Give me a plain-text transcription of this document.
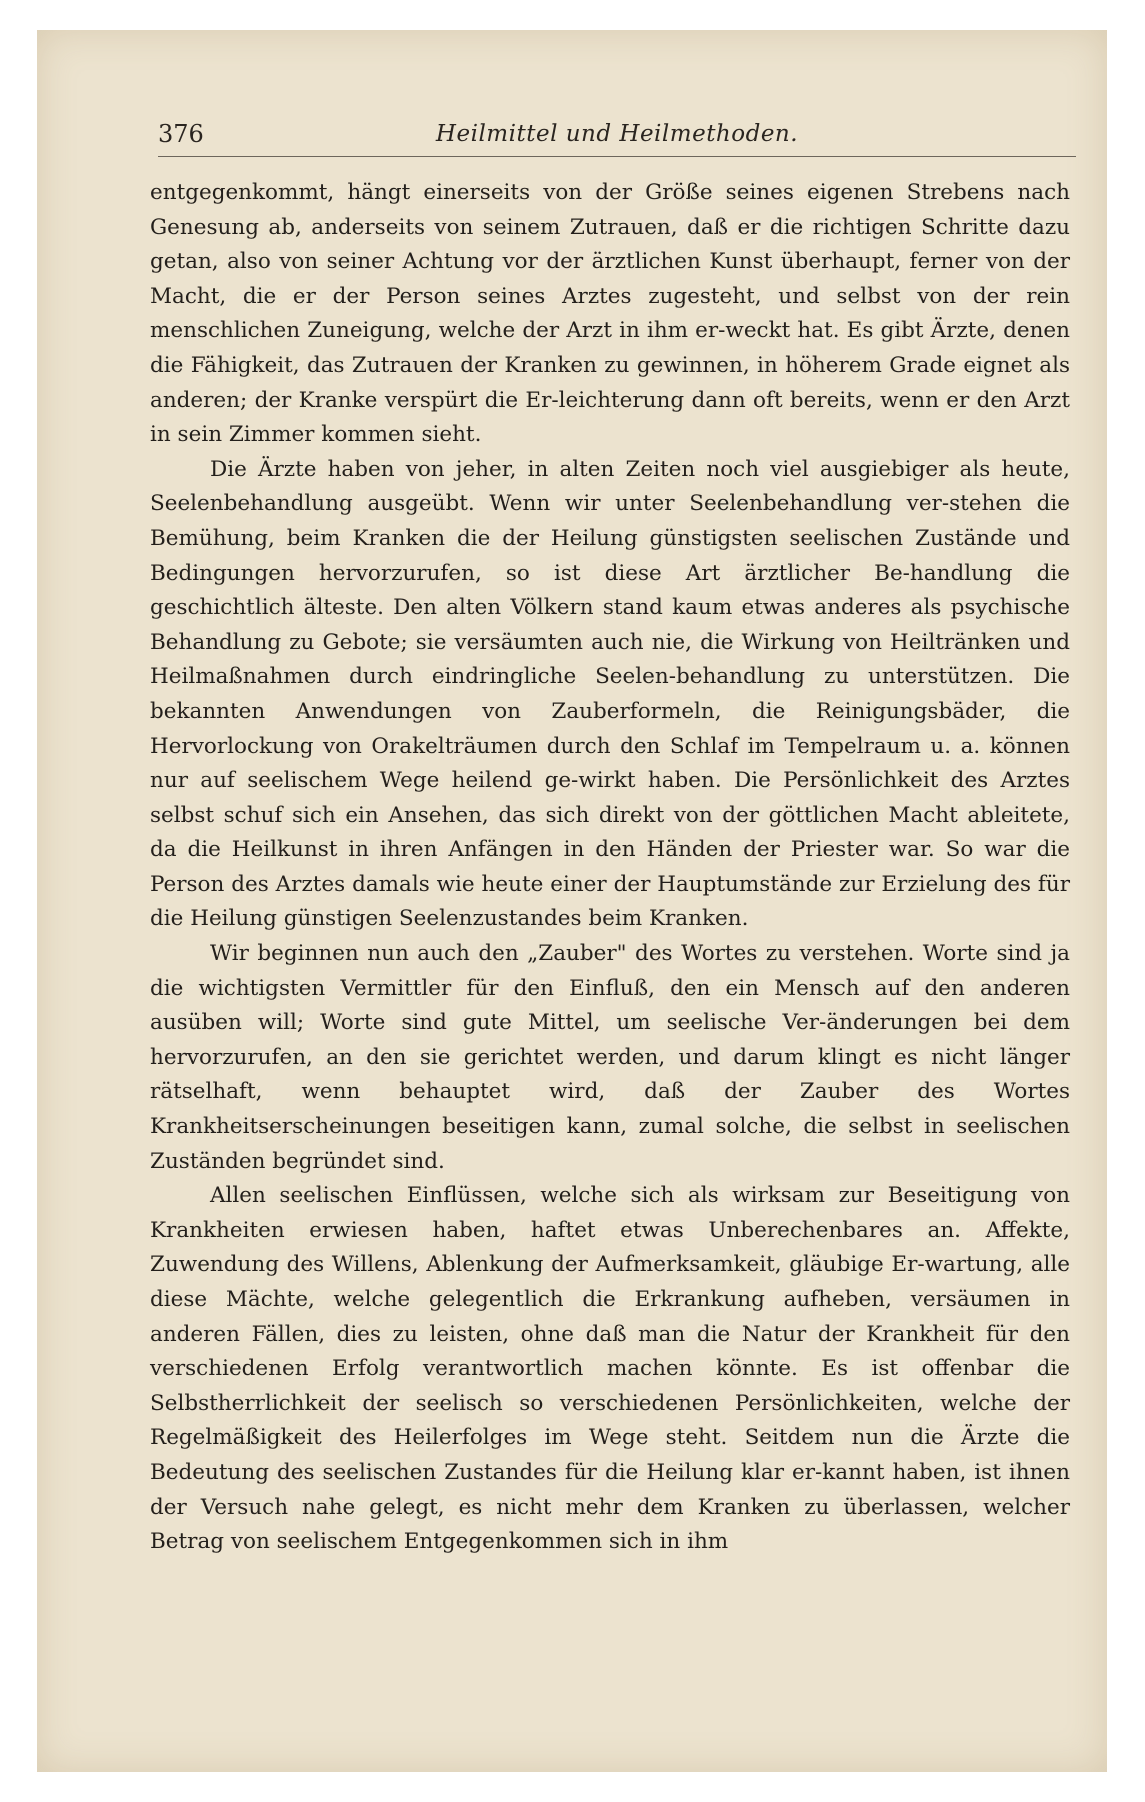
376	Heilmittel und Heilmethoden.

entgegenkommt, hängt einerseits von der Größe seines eigenen Strebens nach Genesung ab, anderseits von seinem Zutrauen, daß er die richtigen Schritte dazu getan, also von seiner Achtung vor der ärztlichen Kunst überhaupt, ferner von der Macht, die er der Person seines Arztes zugesteht, und selbst von der rein menschlichen Zuneigung, welche der Arzt in ihm er-weckt hat. Es gibt Ärzte, denen die Fähigkeit, das Zutrauen der Kranken zu gewinnen, in höherem Grade eignet als anderen; der Kranke verspürt die Er-leichterung dann oft bereits, wenn er den Arzt in sein Zimmer kommen sieht.

Die Ärzte haben von jeher, in alten Zeiten noch viel ausgiebiger als heute, Seelenbehandlung ausgeübt. Wenn wir unter Seelenbehandlung ver-stehen die Bemühung, beim Kranken die der Heilung günstigsten seelischen Zustände und Bedingungen hervorzurufen, so ist diese Art ärztlicher Be-handlung die geschichtlich älteste. Den alten Völkern stand kaum etwas anderes als psychische Behandlung zu Gebote; sie versäumten auch nie, die Wirkung von Heiltränken und Heilmaßnahmen durch eindringliche Seelen-behandlung zu unterstützen. Die bekannten Anwendungen von Zauberformeln, die Reinigungsbäder, die Hervorlockung von Orakelträumen durch den Schlaf im Tempelraum u. a. können nur auf seelischem Wege heilend ge-wirkt haben. Die Persönlichkeit des Arztes selbst schuf sich ein Ansehen, das sich direkt von der göttlichen Macht ableitete, da die Heilkunst in ihren Anfängen in den Händen der Priester war. So war die Person des Arztes damals wie heute einer der Hauptumstände zur Erzielung des für die Heilung günstigen Seelenzustandes beim Kranken.

Wir beginnen nun auch den „Zauber" des Wortes zu verstehen. Worte sind ja die wichtigsten Vermittler für den Einfluß, den ein Mensch auf den anderen ausüben will; Worte sind gute Mittel, um seelische Ver-änderungen bei dem hervorzurufen, an den sie gerichtet werden, und darum klingt es nicht länger rätselhaft, wenn behauptet wird, daß der Zauber des Wortes Krankheitserscheinungen beseitigen kann, zumal solche, die selbst in seelischen Zuständen begründet sind.

Allen seelischen Einflüssen, welche sich als wirksam zur Beseitigung von Krankheiten erwiesen haben, haftet etwas Unberechenbares an. Affekte, Zuwendung des Willens, Ablenkung der Aufmerksamkeit, gläubige Er-wartung, alle diese Mächte, welche gelegentlich die Erkrankung aufheben, versäumen in anderen Fällen, dies zu leisten, ohne daß man die Natur der Krankheit für den verschiedenen Erfolg verantwortlich machen könnte. Es ist offenbar die Selbstherrlichkeit der seelisch so verschiedenen Persönlichkeiten, welche der Regelmäßigkeit des Heilerfolges im Wege steht. Seitdem nun die Ärzte die Bedeutung des seelischen Zustandes für die Heilung klar er-kannt haben, ist ihnen der Versuch nahe gelegt, es nicht mehr dem Kranken zu überlassen, welcher Betrag von seelischem Entgegenkommen sich in ihm
